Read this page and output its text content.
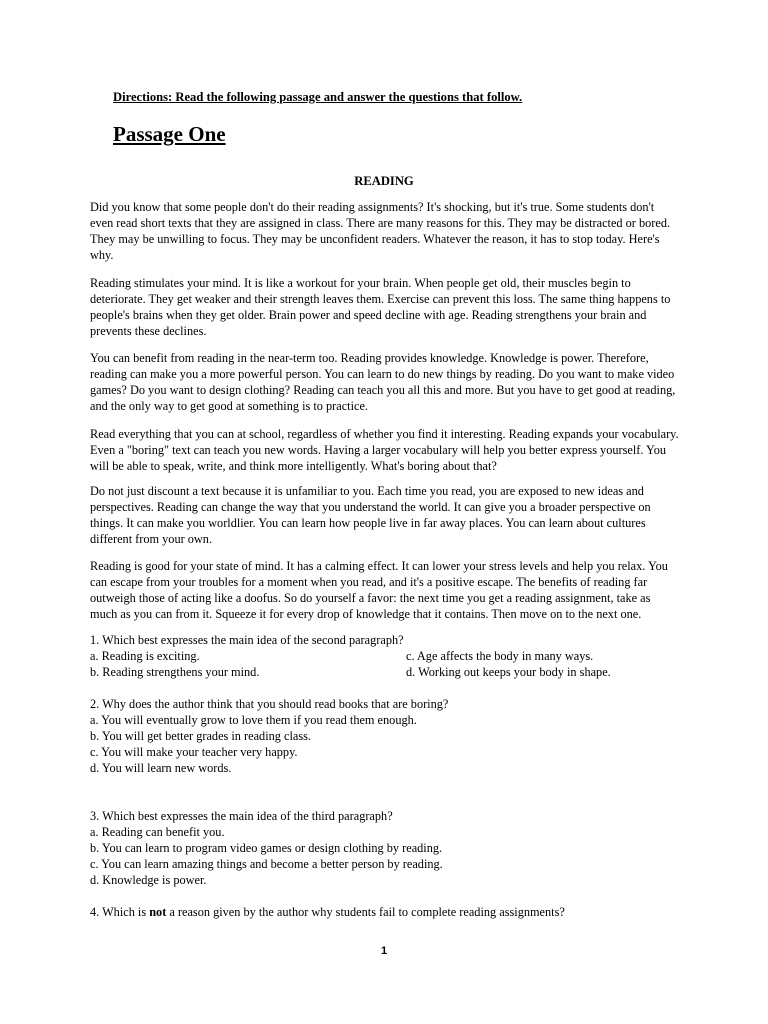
Directions: Read the following passage and answer the questions that follow.
Passage One
READING

Did you know that some people don't do their reading assignments? It's shocking, but it's true. Some students don't even read short texts that they are assigned in class. There are many reasons for this. They may be distracted or bored. They may be unwilling to focus. They may be unconfident readers. Whatever the reason, it has to stop today. Here's why.

Reading stimulates your mind. It is like a workout for your brain. When people get old, their muscles begin to deteriorate. They get weaker and their strength leaves them. Exercise can prevent this loss. The same thing happens to people's brains when they get older. Brain power and speed decline with age. Reading strengthens your brain and prevents these declines.

You can benefit from reading in the near-term too. Reading provides knowledge. Knowledge is power. Therefore, reading can make you a more powerful person. You can learn to do new things by reading. Do you want to make video games? Do you want to design clothing? Reading can teach you all this and more. But you have to get good at reading, and the only way to get good at something is to practice.

Read everything that you can at school, regardless of whether you find it interesting. Reading expands your vocabulary. Even a "boring" text can teach you new words. Having a larger vocabulary will help you better express yourself. You will be able to speak, write, and think more intelligently. What's boring about that?

Do not just discount a text because it is unfamiliar to you. Each time you read, you are exposed to new ideas and perspectives. Reading can change the way that you understand the world. It can give you a broader perspective on things. It can make you worldlier. You can learn how people live in far away places. You can learn about cultures different from your own.

Reading is good for your state of mind. It has a calming effect. It can lower your stress levels and help you relax. You can escape from your troubles for a moment when you read, and it's a positive escape. The benefits of reading far outweigh those of acting like a doofus. So do yourself a favor: the next time you get a reading assignment, take as much as you can from it. Squeeze it for every drop of knowledge that it contains. Then move on to the next one.

1. Which best expresses the main idea of the second paragraph?
a. Reading is exciting.	c. Age affects the body in many ways.
b. Reading strengthens your mind.	d. Working out keeps your body in shape.
2. Why does the author think that you should read books that are boring?
a. You will eventually grow to love them if you read them enough.
b. You will get better grades in reading class.
c. You will make your teacher very happy.
d. You will learn new words.
3. Which best expresses the main idea of the third paragraph?
a. Reading can benefit you.
b. You can learn to program video games or design clothing by reading.
c. You can learn amazing things and become a better person by reading.
d. Knowledge is power.
4. Which is not a reason given by the author why students fail to complete reading assignments?
1
